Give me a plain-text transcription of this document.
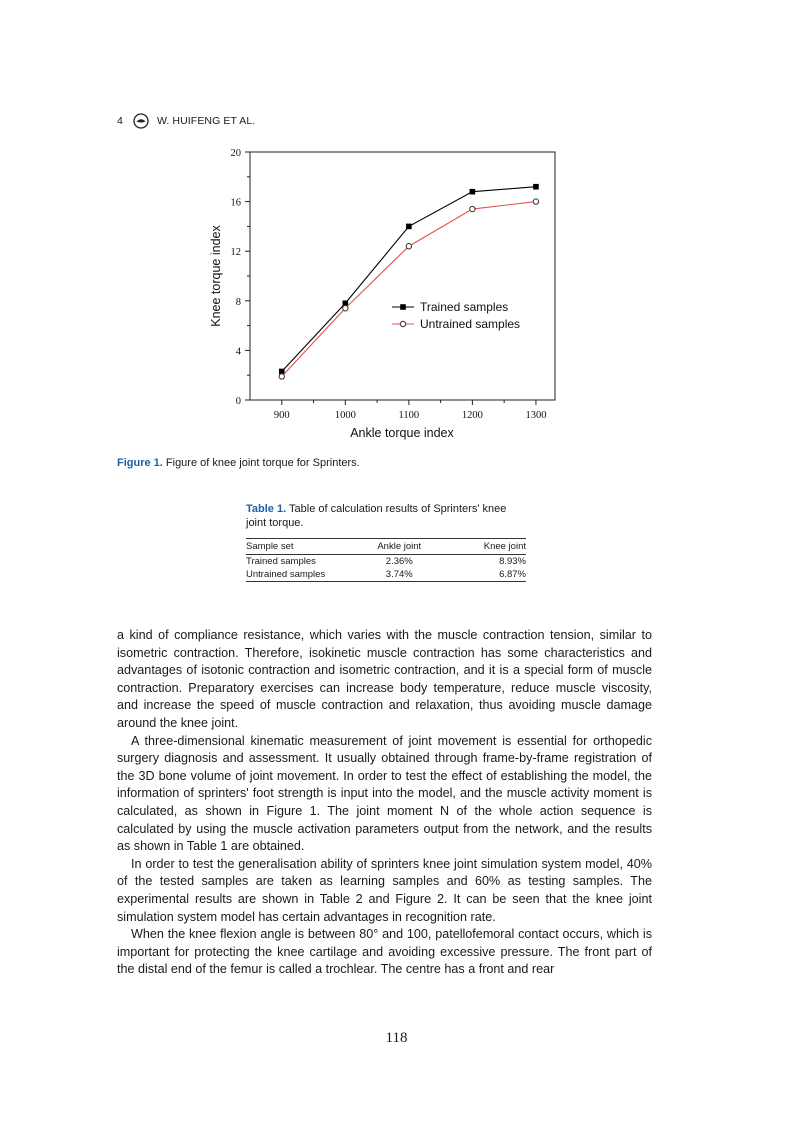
4	W. HUIFENG ET AL.
900	1000	1100	1200	1300
0
4
8
12
16
20
Trained samples
Untrained samples
Knee torque index
Ankle torque index
Figure 1. Figure of knee joint torque for Sprinters.
Table 1. Table of calculation results of Sprinters' knee joint torque.
Sample set	Ankle joint	Knee joint
Trained samples	2.36%	8.93%
Untrained samples	3.74%	6.87%

a kind of compliance resistance, which varies with the muscle contraction tension, similar to isometric contraction. Therefore, isokinetic muscle contraction has some characteristics and advantages of isotonic contraction and isometric contraction, and it is a special form of muscle contraction. Preparatory exercises can increase body temperature, reduce muscle viscosity, and increase the speed of muscle contraction and relaxation, thus avoiding muscle damage around the knee joint.

A three-dimensional kinematic measurement of joint movement is essential for orthopedic surgery diagnosis and assessment. It usually obtained through frame-by-frame registration of the 3D bone volume of joint movement. In order to test the effect of establishing the model, the information of sprinters' foot strength is input into the model, and the muscle activity moment is calculated, as shown in Figure 1. The joint moment N of the whole action sequence is calculated by using the muscle activation parameters output from the network, and the results as shown in Table 1 are obtained.

In order to test the generalisation ability of sprinters knee joint simulation system model, 40% of the tested samples are taken as learning samples and 60% as testing samples. The experimental results are shown in Table 2 and Figure 2. It can be seen that the knee joint simulation system model has certain advantages in recognition rate.

When the knee flexion angle is between 80° and 100, patellofemoral contact occurs, which is important for protecting the knee cartilage and avoiding excessive pressure. The front part of the distal end of the femur is called a trochlear. The centre has a front and rear

118
